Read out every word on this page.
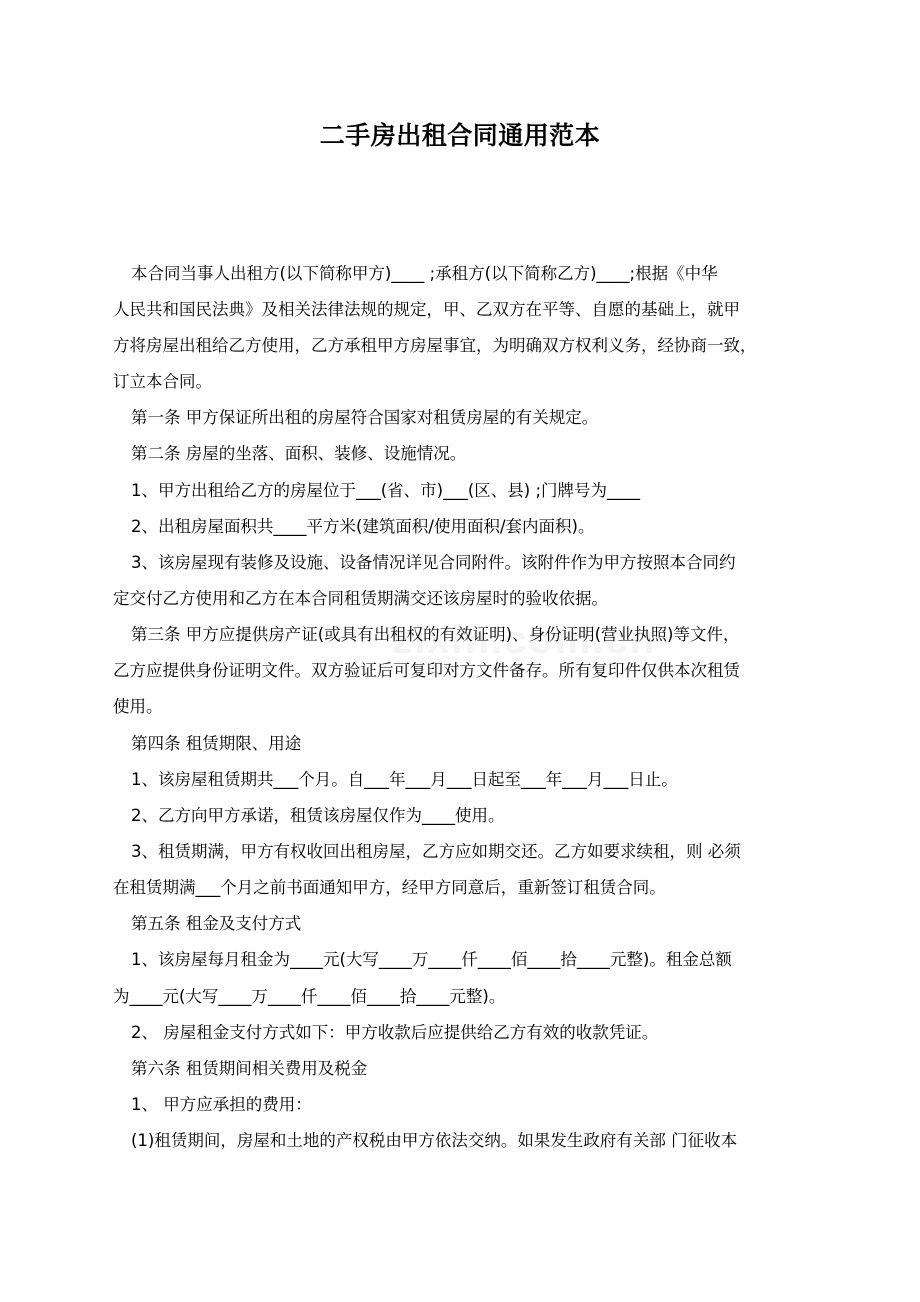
二手房出租合同通用范本
本合同当事人出租方(以下简称甲方)____ ;承租方(以下简称乙方)____;根据《中华
人民共和国民法典》及相关法律法规的规定，甲、乙双方在平等、自愿的基础上，就甲
方将房屋出租给乙方使用，乙方承租甲方房屋事宜，为明确双方权利义务，经协商一致，
订立本合同。
第一条 甲方保证所出租的房屋符合国家对租赁房屋的有关规定。
第二条 房屋的坐落、面积、装修、设施情况。
1、甲方出租给乙方的房屋位于___(省、市)___(区、县) ;门牌号为____
2、出租房屋面积共____平方米(建筑面积/使用面积/套内面积)。
3、该房屋现有装修及设施、设备情况详见合同附件。该附件作为甲方按照本合同约
定交付乙方使用和乙方在本合同租赁期满交还该房屋时的验收依据。
第三条 甲方应提供房产证(或具有出租权的有效证明)、身份证明(营业执照)等文件，
乙方应提供身份证明文件。双方验证后可复印对方文件备存。所有复印件仅供本次租赁
使用。
第四条 租赁期限、用途
1、该房屋租赁期共___个月。自___年___月___日起至___年___月___日止。
2、乙方向甲方承诺，租赁该房屋仅作为____使用。
3、租赁期满，甲方有权收回出租房屋，乙方应如期交还。乙方如要求续租，则 必须
在租赁期满___个月之前书面通知甲方，经甲方同意后，重新签订租赁合同。
第五条 租金及支付方式
1、该房屋每月租金为____元(大写____万____仟____佰____拾____元整)。租金总额
为____元(大写____万____仟____佰____拾____元整)。
2、 房屋租金支付方式如下：甲方收款后应提供给乙方有效的收款凭证。
第六条 租赁期间相关费用及税金
1、 甲方应承担的费用：
(1)租赁期间，房屋和土地的产权税由甲方依法交纳。如果发生政府有关部 门征收本
